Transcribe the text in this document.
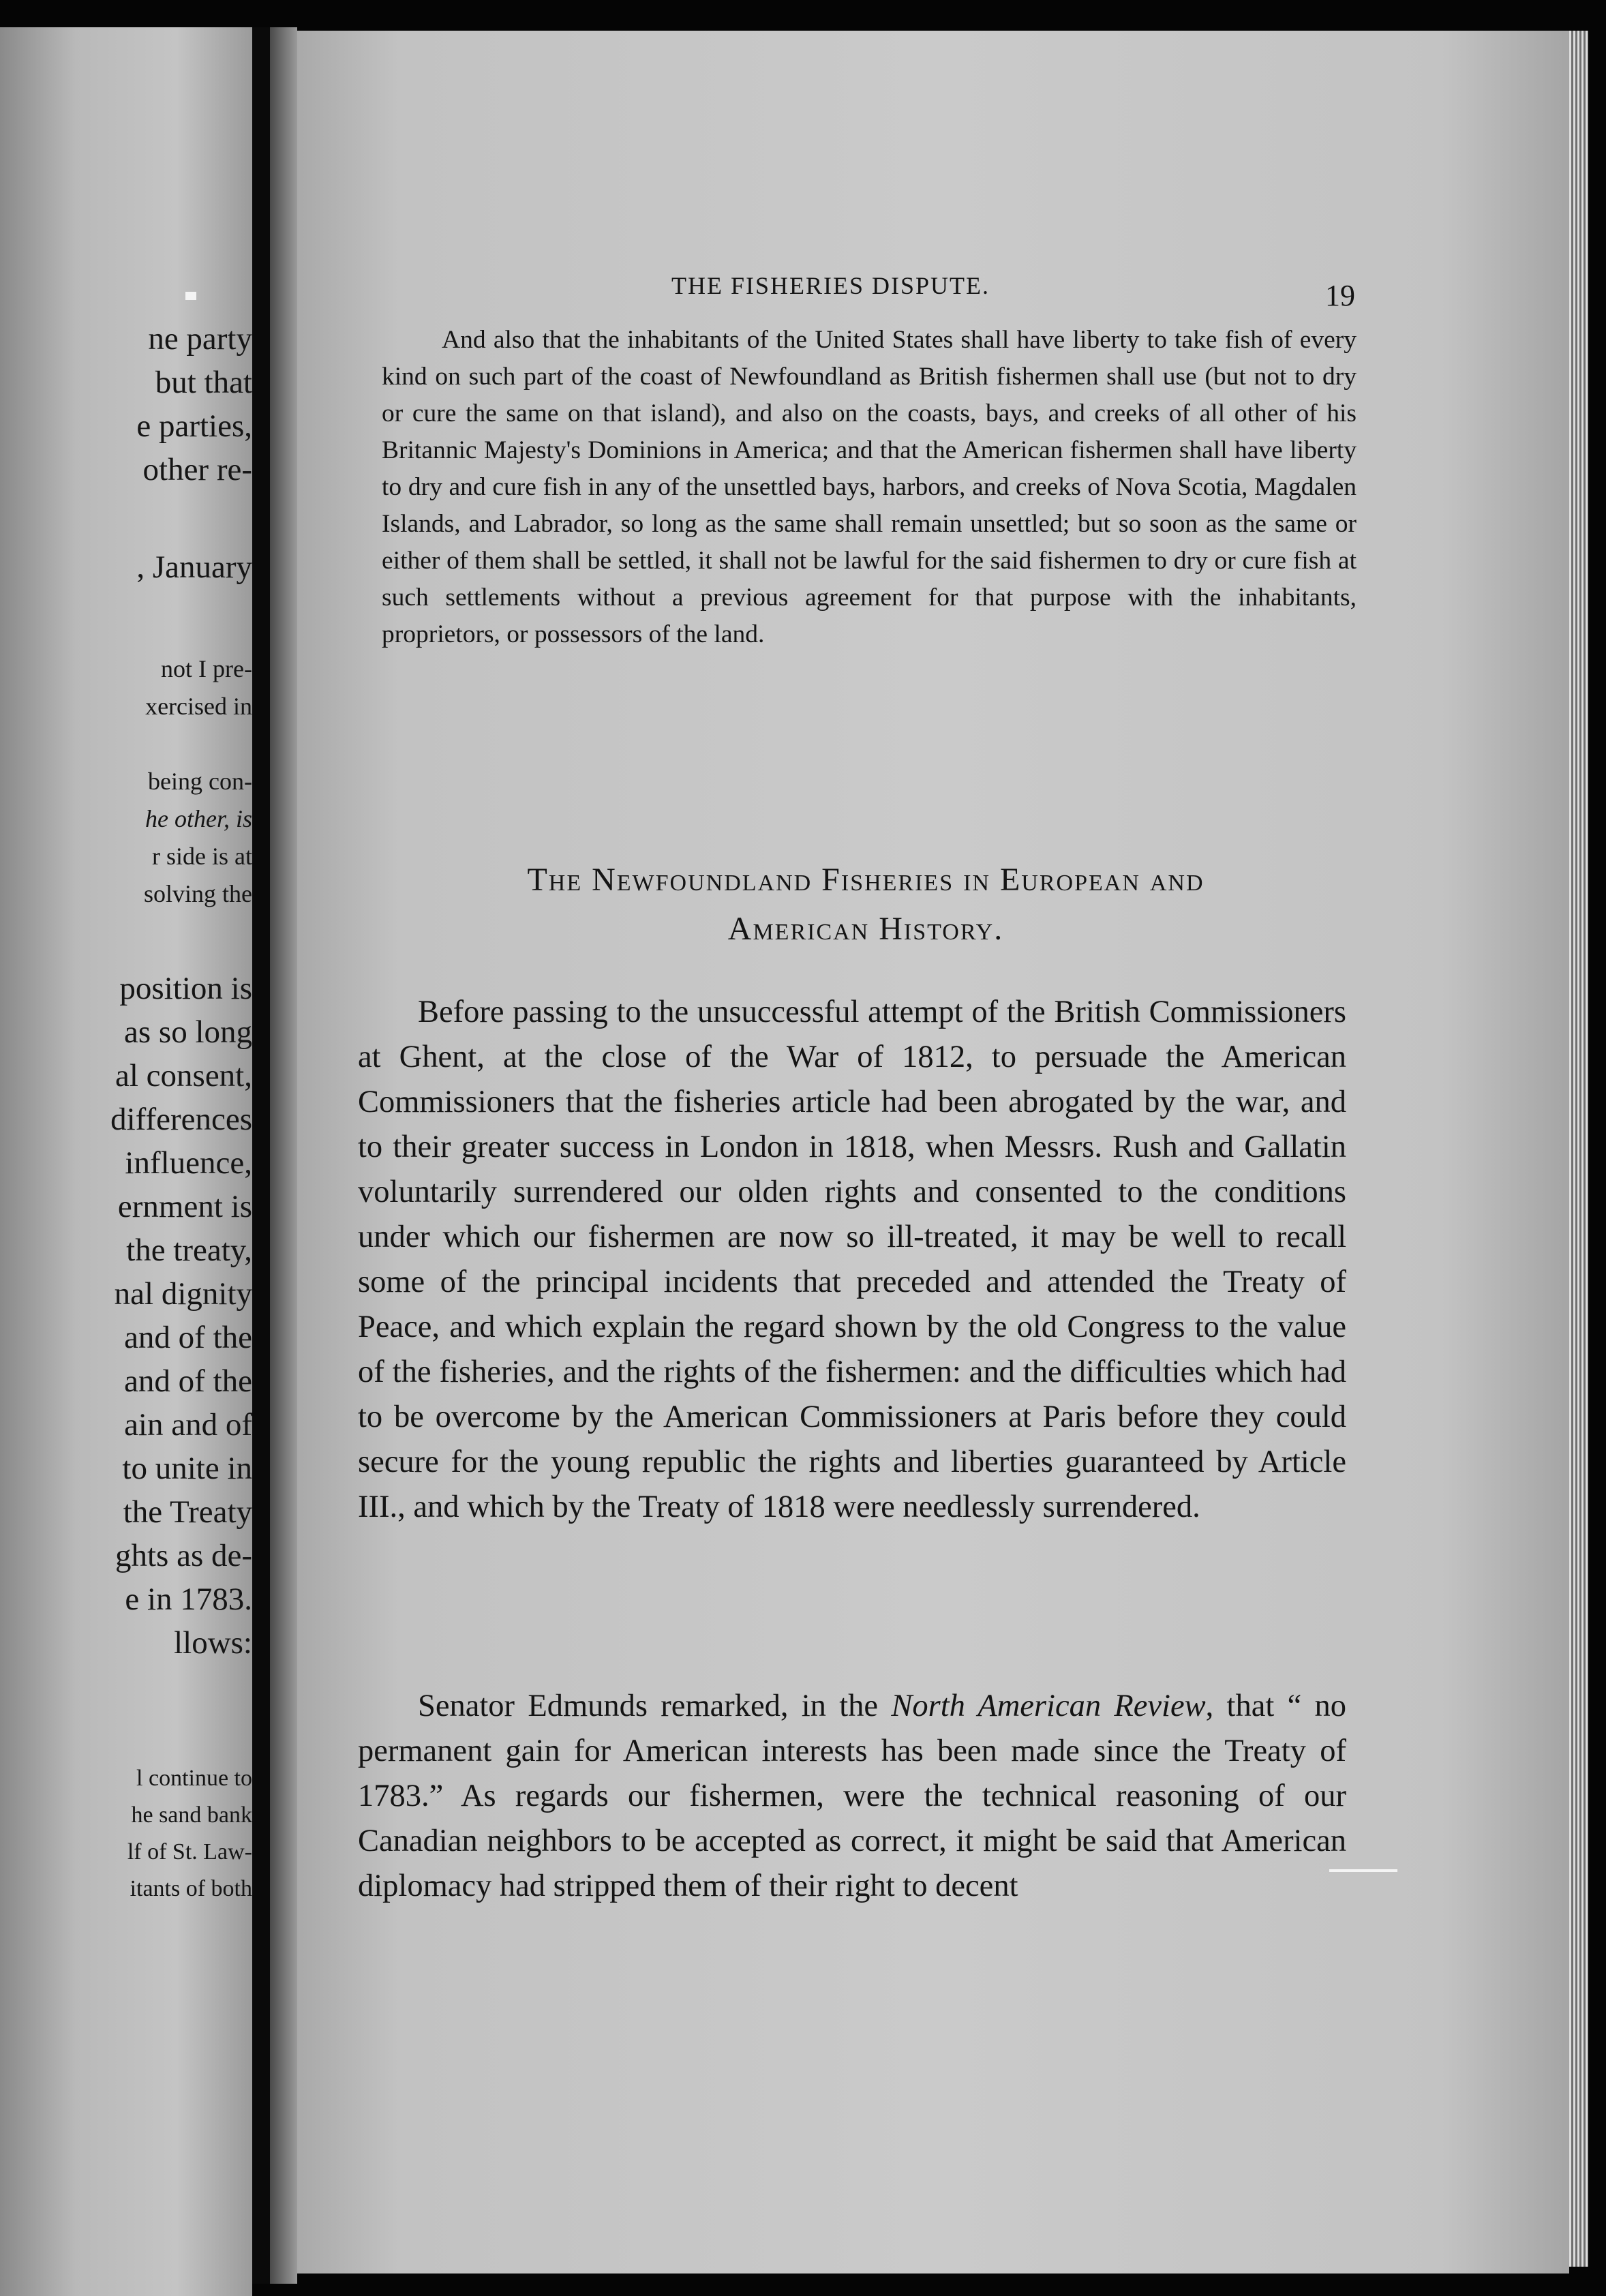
ne party
but that
e parties,
other re-
, January
not I pre-
xercised in
being con-
he other, is
r side is at
solving the
position is
as so long
al consent,
differences
influence,
ernment is
the treaty,
nal dignity
and of the
and of the
ain and of
to unite in
the Treaty
ghts as de-
e in 1783.
llows:
l continue to
he sand bank
lf of St. Law-
itants of both
THE FISHERIES DISPUTE.	19

And also that the inhabitants of the United States shall have liberty to take fish of every kind on such part of the coast of Newfoundland as British fishermen shall use (but not to dry or cure the same on that island), and also on the coasts, bays, and creeks of all other of his Britannic Majesty's Dominions in America; and that the American fishermen shall have liberty to dry and cure fish in any of the unsettled bays, harbors, and creeks of Nova Scotia, Magdalen Islands, and Labrador, so long as the same shall remain unsettled; but so soon as the same or either of them shall be settled, it shall not be lawful for the said fishermen to dry or cure fish at such settlements without a previous agreement for that purpose with the inhabitants, proprietors, or possessors of the land.

The Newfoundland Fisheries in European and
American History.

Before passing to the unsuccessful attempt of the British Commissioners at Ghent, at the close of the War of 1812, to persuade the American Commissioners that the fisheries article had been abrogated by the war, and to their greater success in London in 1818, when Messrs. Rush and Gallatin voluntarily surrendered our olden rights and consented to the conditions under which our fishermen are now so ill-treated, it may be well to recall some of the principal incidents that preceded and attended the Treaty of Peace, and which explain the regard shown by the old Congress to the value of the fisheries, and the rights of the fishermen: and the difficulties which had to be overcome by the American Commissioners at Paris before they could secure for the young republic the rights and liberties guaranteed by Article III., and which by the Treaty of 1818 were needlessly surrendered.

Senator Edmunds remarked, in the North American Review, that “ no permanent gain for American interests has been made since the Treaty of 1783.” As regards our fishermen, were the technical reasoning of our Canadian neighbors to be accepted as correct, it might be said that American diplomacy had stripped them of their right to decent
